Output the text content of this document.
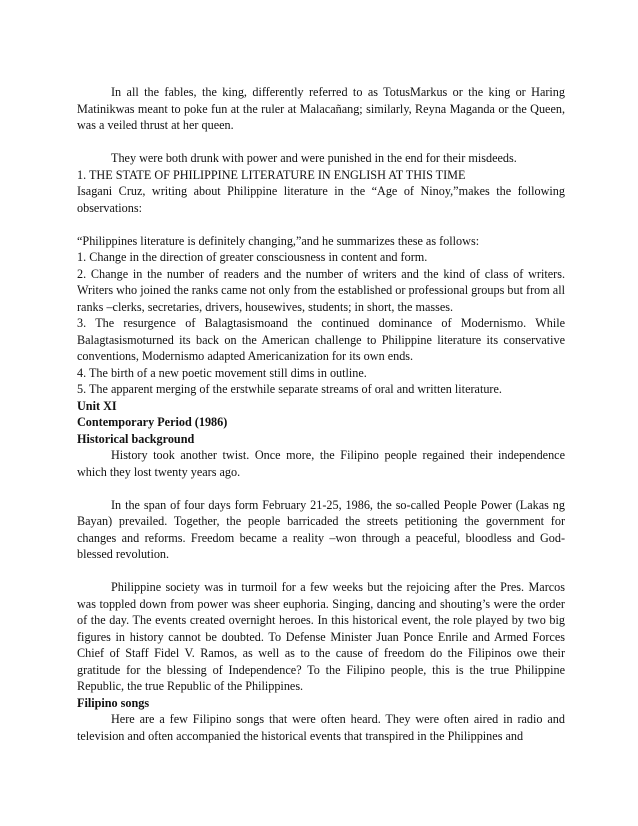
In all the fables, the king, differently referred to as TotusMarkus or the king or Haring Matinikwas meant to poke fun at the ruler at Malacañang; similarly, Reyna Maganda or the Queen, was a veiled thrust at her queen.

They were both drunk with power and were punished in the end for their misdeeds.

1. THE STATE OF PHILIPPINE LITERATURE IN ENGLISH AT THIS TIME

Isagani Cruz, writing about Philippine literature in the “Age of Ninoy,”makes the following observations:

“Philippines literature is definitely changing,”and he summarizes these as follows:

1. Change in the direction of greater consciousness in content and form.

2. Change in the number of readers and the number of writers and the kind of class of writers. Writers who joined the ranks came not only from the established or professional groups but from all ranks –clerks, secretaries, drivers, housewives, students; in short, the masses.

3. The resurgence of Balagtasismoand the continued dominance of Modernismo. While Balagtasismoturned its back on the American challenge to Philippine literature its conservative conventions, Modernismo adapted Americanization for its own ends.

4. The birth of a new poetic movement still dims in outline.

5. The apparent merging of the erstwhile separate streams of oral and written literature.

Unit XI

Contemporary Period (1986)

Historical background

History took another twist. Once more, the Filipino people regained their independence which they lost twenty years ago.

In the span of four days form February 21-25, 1986, the so-called People Power (Lakas ng Bayan) prevailed. Together, the people barricaded the streets petitioning the government for changes and reforms. Freedom became a reality –won through a peaceful, bloodless and God-blessed revolution.

Philippine society was in turmoil for a few weeks but the rejoicing after the Pres. Marcos was toppled down from power was sheer euphoria. Singing, dancing and shouting’s were the order of the day. The events created overnight heroes. In this historical event, the role played by two big figures in history cannot be doubted. To Defense Minister Juan Ponce Enrile and Armed Forces Chief of Staff Fidel V. Ramos, as well as to the cause of freedom do the Filipinos owe their gratitude for the blessing of Independence? To the Filipino people, this is the true Philippine Republic, the true Republic of the Philippines.

Filipino songs

Here are a few Filipino songs that were often heard. They were often aired in radio and television and often accompanied the historical events that transpired in the Philippines and
